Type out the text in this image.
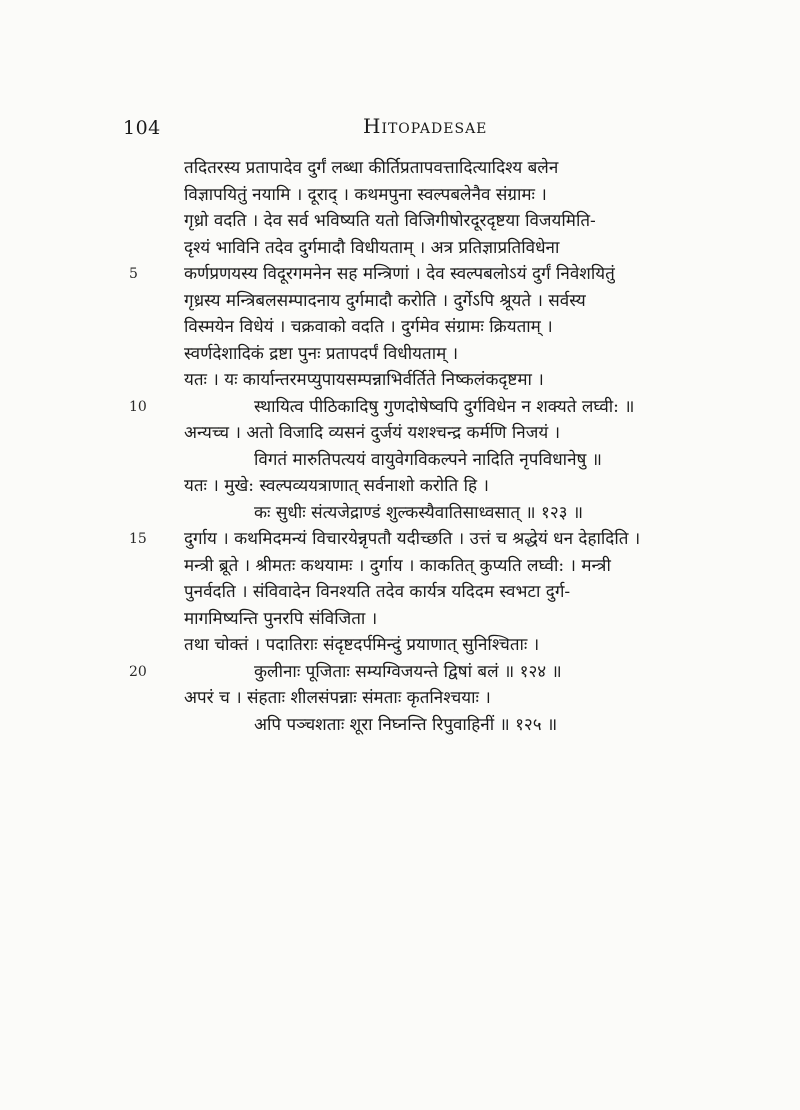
104	Hitopadesae
तदितरस्य प्रतापादेव दुर्गं लब्धा कीर्तिप्रतापवत्तादित्यादिश्य बलेन
विज्ञापयितुं नयामि । दूराद्‌ । कथमपुना स्वल्पबलेनैव संग्रामः ।
गृध्रो वदति । देव सर्व भविष्यति यतो विजिगीषोरदूरदृष्टया विजयमिति-
दृश्यं भाविनि तदेव दुर्गमादौ विधीयताम् । अत्र प्रतिज्ञाप्रतिविधेना
5	कर्णप्रणयस्य विदूरगमनेन सह मन्त्रिणां । देव स्वल्पबलोऽयं दुर्गं निवेशयितुं
गृध्रस्य मन्त्रिबलसम्पादनाय दुर्गमादौ करोति । दुर्गेऽपि श्रूयते । सर्वस्य
विस्मयेन विधेयं । चक्रवाको वदति । दुर्गमेव संग्रामः क्रियताम् ।
स्वर्णदेशादिकं द्रष्टा पुनः प्रतापदर्पं विधीयताम् ।
यतः । यः कार्यान्तरमप्युपायसम्पन्नाभिर्वर्तिते निष्कलंकदृष्टमा ।
10	स्थायित्व पीठिकादिषु गुणदोषेष्वपि दुर्गविधेन न शक्यते लघ्वी: ॥
अन्यच्च । अतो विजादि व्यसनं दुर्जयं यशश्चन्द्र कर्मणि निजयं ।
विगतं मारुतिपत्ययं वायुवेगविकल्पने नादिति नृपविधानेषु ॥
यतः । मुखे: स्वल्पव्ययत्राणात् सर्वनाशो करोति हि ।
कः सुधीः संत्यजेद्राण्डं शुल्कस्यैवातिसाध्वसात् ॥ १२३ ॥
15	दुर्गाय । कथमिदमन्यं विचारयेन्नृपतौ यदीच्छति । उत्तं च श्रद्धेयं धन देहादिति ।
मन्त्री ब्रूते । श्रीमतः कथयामः । दुर्गाय । काकतित् कुप्यति लघ्वी: । मन्त्री
पुनर्वदति । संविवादेन विनश्यति तदेव कार्यत्र यदिदम स्वभटा दुर्ग-
मागमिष्यन्ति पुनरपि संविजिता ।
तथा चोक्तं । पदातिराः संदृष्टदर्पमिन्दुं प्रयाणात् सुनिश्चिताः ।
20	कुलीनाः पूजिताः सम्यग्विजयन्ते द्विषां बलं ॥ १२४ ॥
अपरं च । संहताः शीलसंपन्नाः संमताः कृतनिश्चयाः ।
अपि पञ्चशताः शूरा निघ्नन्ति रिपुवाहिनीं ॥ १२५ ॥
